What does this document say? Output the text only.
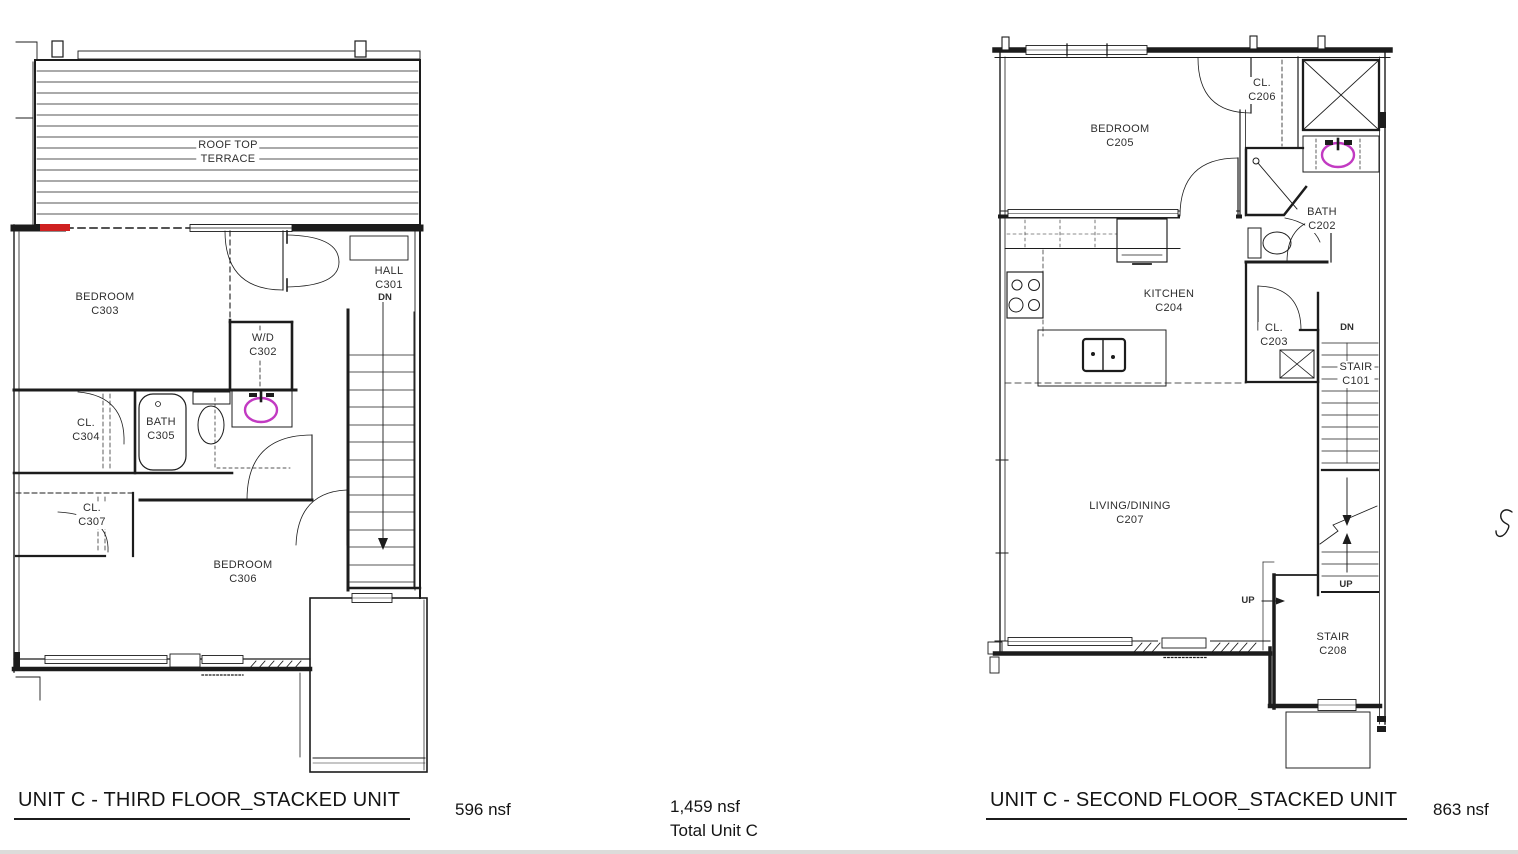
ROOF TOP
TERRACE
BEDROOM
C303
HALL
C301
DN
W/D
C302
CL.
C304
BATH
C305
CL.
C307
BEDROOM
C306
BEDROOM
C205
CL.
C206
BATH
C202
KITCHEN
C204
CL.
C203
DN
STAIR
C101
LIVING/DINING
C207
UP
UP
STAIR
C208
UNIT C - THIRD FLOOR_STACKED UNIT	596 nsf	1,459 nsf
Total Unit C
UNIT C - SECOND FLOOR_STACKED UNIT	863 nsf
